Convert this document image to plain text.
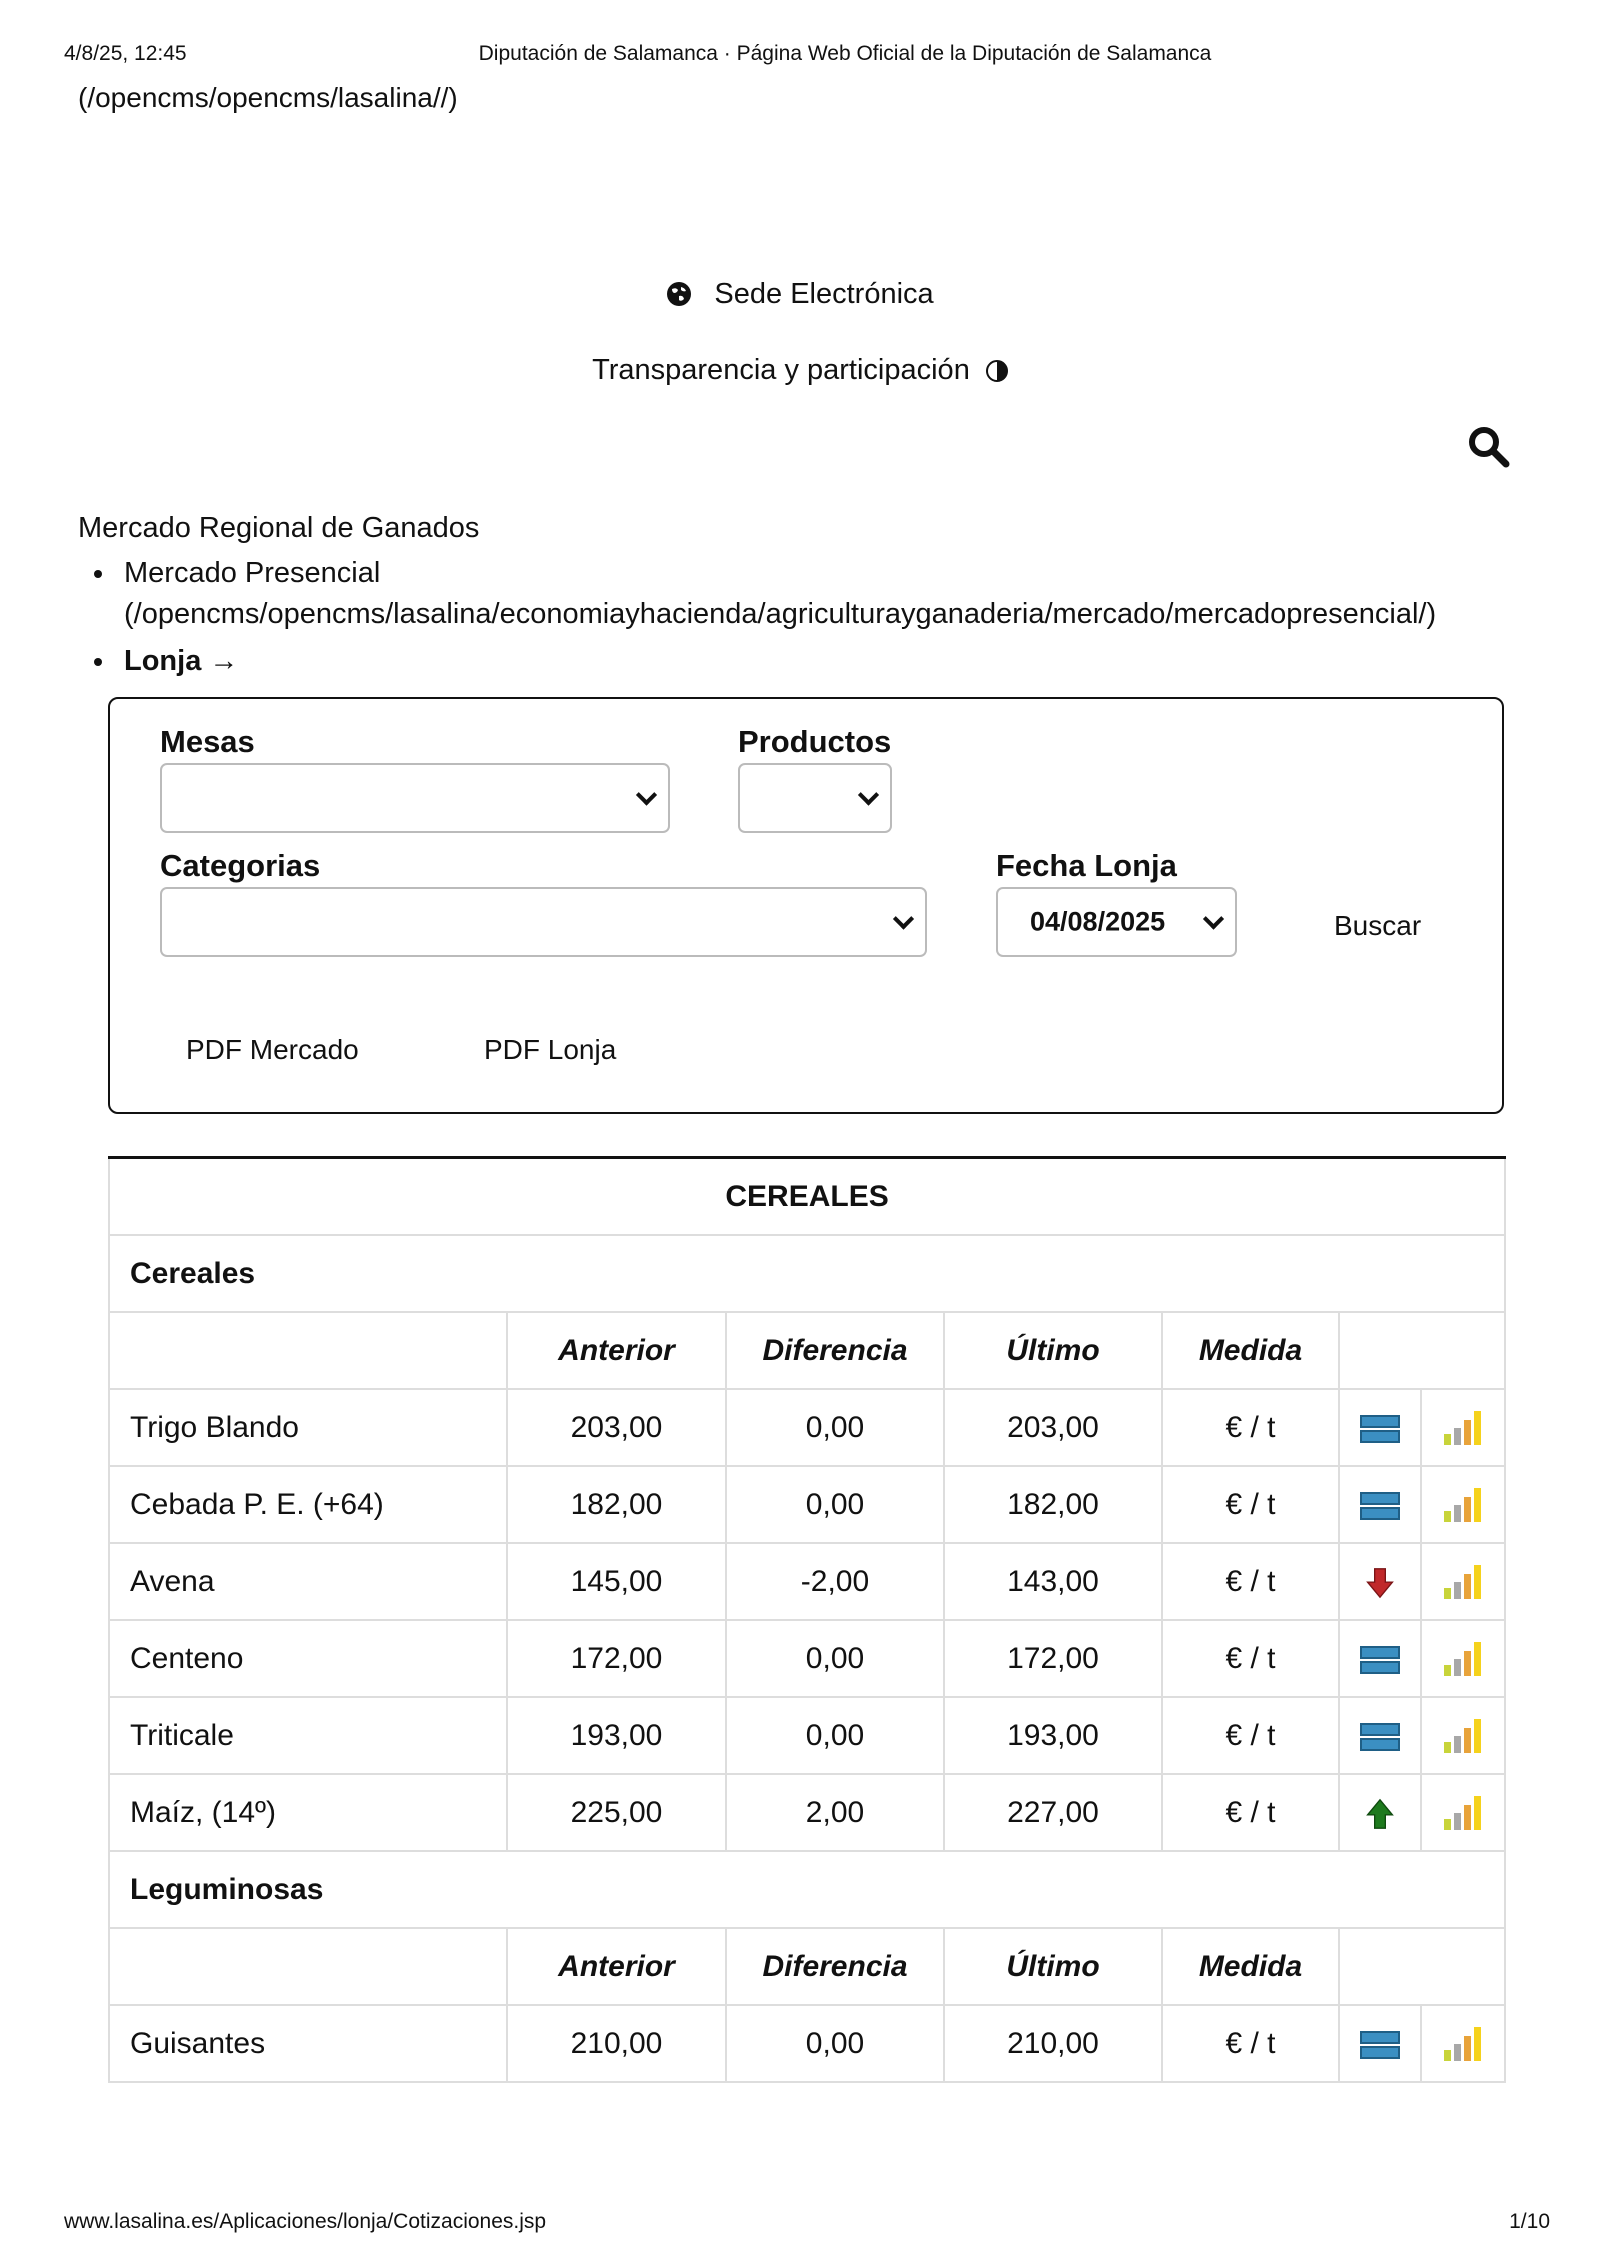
4/8/25, 12:45	Diputación de Salamanca · Página Web Oficial de la Diputación de Salamanca
(/opencms/opencms/lasalina//)
Sede Electrónica
Transparencia y participación
Mercado Regional de Ganados
Mercado Presencial
(/opencms/opencms/lasalina/economiayhacienda/agriculturayganaderia/mercado/mercadopresencial/)
Lonja →
Mesas	Productos
Categorias	Fecha Lonja
04/08/2025	Buscar
PDF Mercado	PDF Lonja
CEREALES						
Cereales						
	Anterior	Diferencia	Último	Medida		
Trigo Blando	203,00	0,00	203,00	€ / t		
Cebada P. E. (+64)	182,00	0,00	182,00	€ / t		
Avena	145,00	-2,00	143,00	€ / t		
Centeno	172,00	0,00	172,00	€ / t		
Triticale	193,00	0,00	193,00	€ / t		
Maíz, (14º)	225,00	2,00	227,00	€ / t		
Leguminosas						
	Anterior	Diferencia	Último	Medida		
Guisantes	210,00	0,00	210,00	€ / t		
www.lasalina.es/Aplicaciones/lonja/Cotizaciones.jsp	1/10
